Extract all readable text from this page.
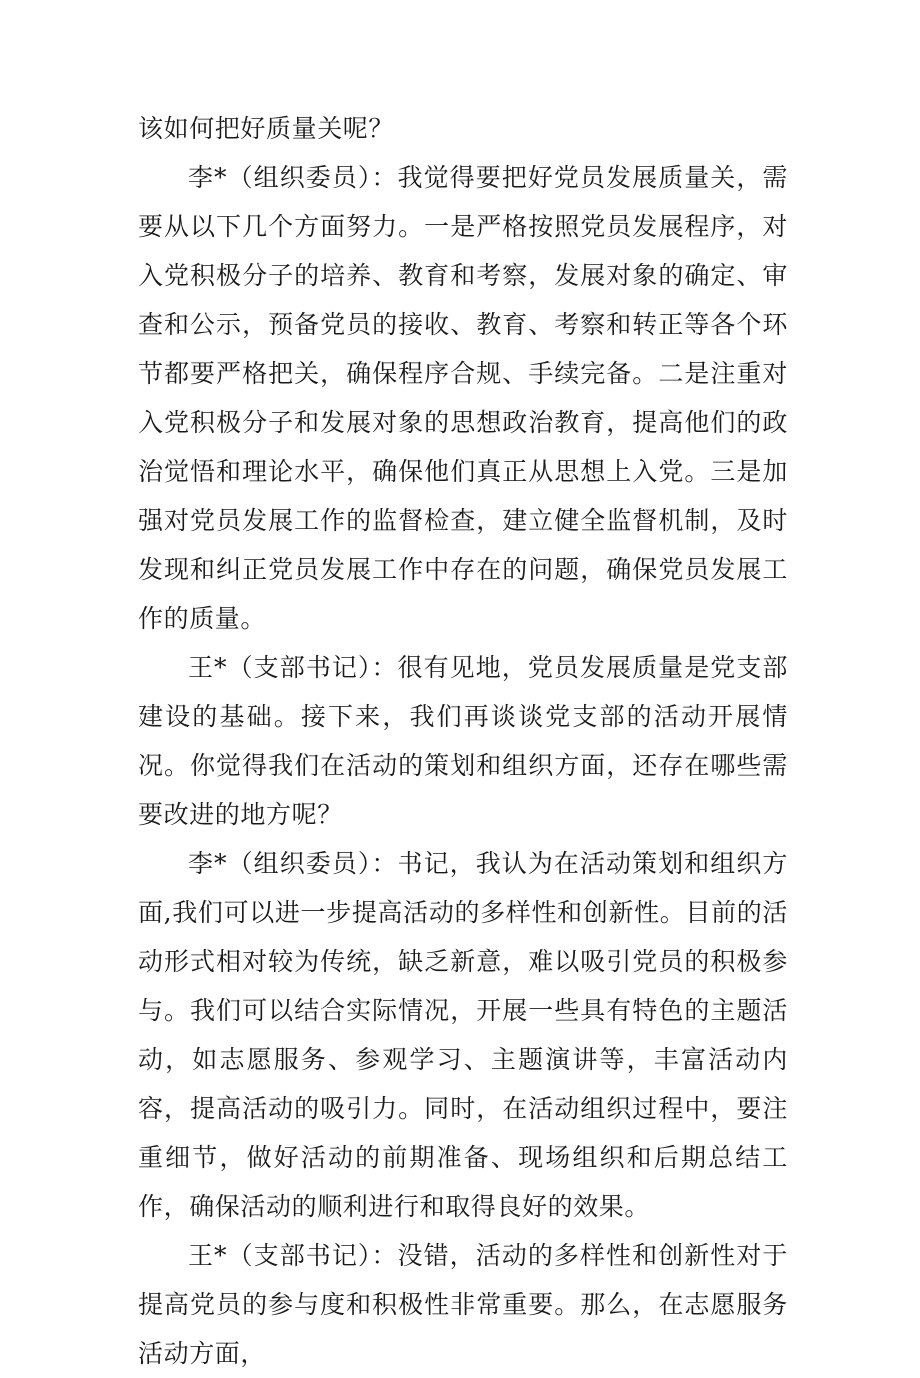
该如何把好质量关呢？

李*（组织委员）：我觉得要把好党员发展质量关，需要从以下几个方面努力。一是严格按照党员发展程序，对入党积极分子的培养、教育和考察，发展对象的确定、审查和公示，预备党员的接收、教育、考察和转正等各个环节都要严格把关，确保程序合规、手续完备。二是注重对入党积极分子和发展对象的思想政治教育，提高他们的政治觉悟和理论水平，确保他们真正从思想上入党。三是加强对党员发展工作的监督检查，建立健全监督机制，及时发现和纠正党员发展工作中存在的问题，确保党员发展工作的质量。

王*（支部书记）：很有见地，党员发展质量是党支部建设的基础。接下来，我们再谈谈党支部的活动开展情况。你觉得我们在活动的策划和组织方面，还存在哪些需要改进的地方呢？

李*（组织委员）：书记，我认为在活动策划和组织方面,我们可以进一步提高活动的多样性和创新性。目前的活动形式相对较为传统，缺乏新意，难以吸引党员的积极参与。我们可以结合实际情况，开展一些具有特色的主题活动，如志愿服务、参观学习、主题演讲等，丰富活动内容，提高活动的吸引力。同时，在活动组织过程中，要注重细节，做好活动的前期准备、现场组织和后期总结工作，确保活动的顺利进行和取得良好的效果。

王*（支部书记）：没错，活动的多样性和创新性对于提高党员的参与度和积极性非常重要。那么，在志愿服务活动方面，
